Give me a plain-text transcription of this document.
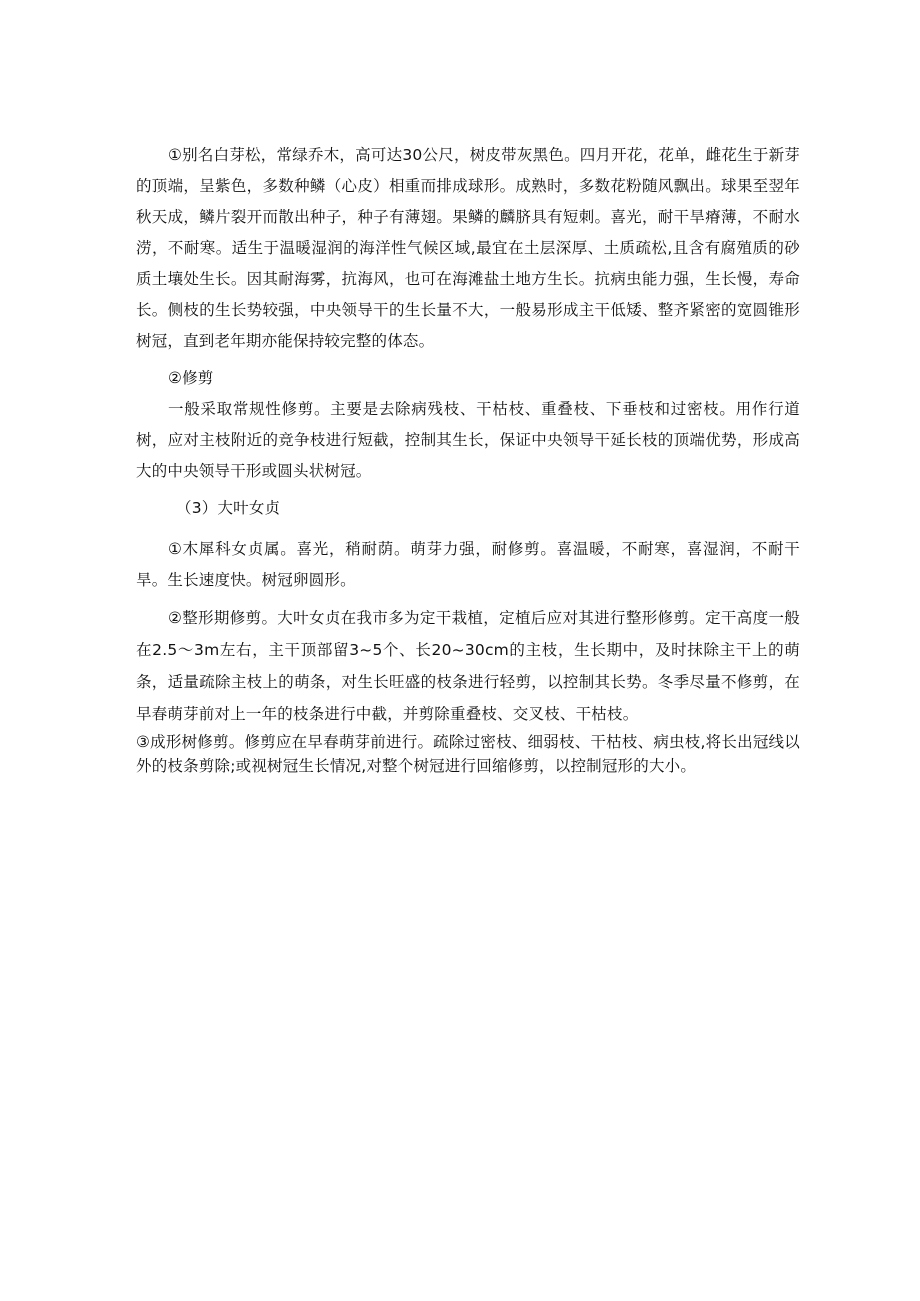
①别名白芽松，常绿乔木，高可达30公尺，树皮带灰黑色。四月开花，花单，雌花生于新芽的顶端，呈紫色，多数种鳞（心皮）相重而排成球形。成熟时，多数花粉随风飘出。球果至翌年秋天成，鳞片裂开而散出种子，种子有薄翅。果鳞的麟脐具有短刺。喜光，耐干旱瘠薄，不耐水涝，不耐寒。适生于温暖湿润的海洋性气候区域,最宜在土层深厚、土质疏松,且含有腐殖质的砂质土壤处生长。因其耐海雾，抗海风，也可在海滩盐土地方生长。抗病虫能力强，生长慢，寿命长。侧枝的生长势较强，中央领导干的生长量不大，一般易形成主干低矮、整齐紧密的宽圆锥形树冠，直到老年期亦能保持较完整的体态。

②修剪

一般采取常规性修剪。主要是去除病残枝、干枯枝、重叠枝、下垂枝和过密枝。用作行道树，应对主枝附近的竞争枝进行短截，控制其生长，保证中央领导干延长枝的顶端优势，形成高大的中央领导干形或圆头状树冠。

（3）大叶女贞

①木犀科女贞属。喜光，稍耐荫。萌芽力强，耐修剪。喜温暖，不耐寒，喜湿润，不耐干旱。生长速度快。树冠卵圆形。

②整形期修剪。大叶女贞在我市多为定干栽植，定植后应对其进行整形修剪。定干高度一般在2.5～3m左右，主干顶部留3~5个、长20~30cm的主枝，生长期中，及时抹除主干上的萌条，适量疏除主枝上的萌条，对生长旺盛的枝条进行轻剪，以控制其长势。冬季尽量不修剪，在早春萌芽前对上一年的枝条进行中截，并剪除重叠枝、交叉枝、干枯枝。

③成形树修剪。修剪应在早春萌芽前进行。疏除过密枝、细弱枝、干枯枝、病虫枝,将长出冠线以外的枝条剪除;或视树冠生长情况,对整个树冠进行回缩修剪，以控制冠形的大小。
